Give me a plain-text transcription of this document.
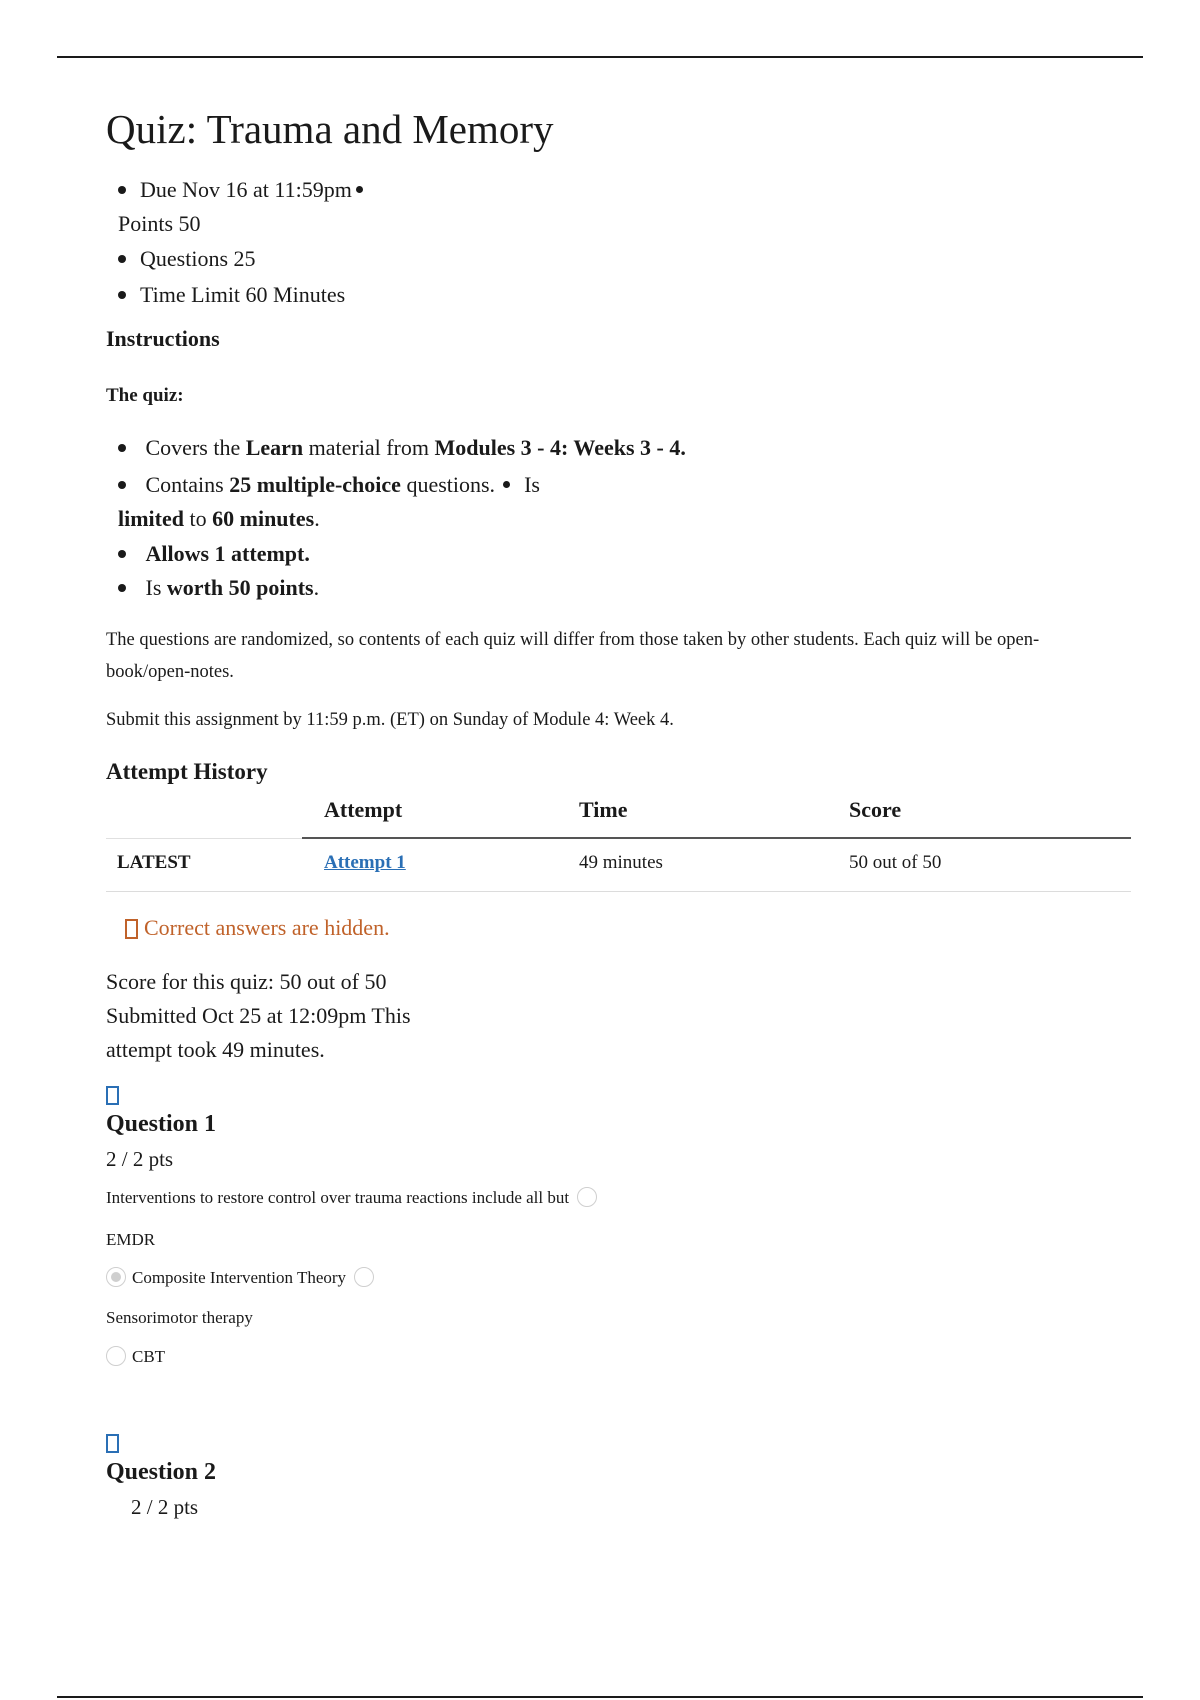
Quiz: Trauma and Memory
Due Nov 16 at 11:59pm
Points 50
Questions 25
Time Limit 60 Minutes
Instructions
The quiz:
Covers the Learn material from Modules 3 - 4: Weeks 3 - 4.
Contains 25 multiple-choice questions. Is
limited to 60 minutes.
Allows 1 attempt.
Is worth 50 points.
The questions are randomized, so contents of each quiz will differ from those taken by other students. Each quiz will be open-book/open-notes.
Submit this assignment by 11:59 p.m. (ET) on Sunday of Module 4: Week 4.
Attempt History
	Attempt	Time	Score
LATEST	Attempt 1	49 minutes	50 out of 50
Correct answers are hidden.
Score for this quiz: 50 out of 50
Submitted Oct 25 at 12:09pm This
attempt took 49 minutes.
Question 1
2 / 2 pts
Interventions to restore control over trauma reactions include all but
EMDR
Composite Intervention Theory
Sensorimotor therapy
CBT
Question 2
2 / 2 pts
